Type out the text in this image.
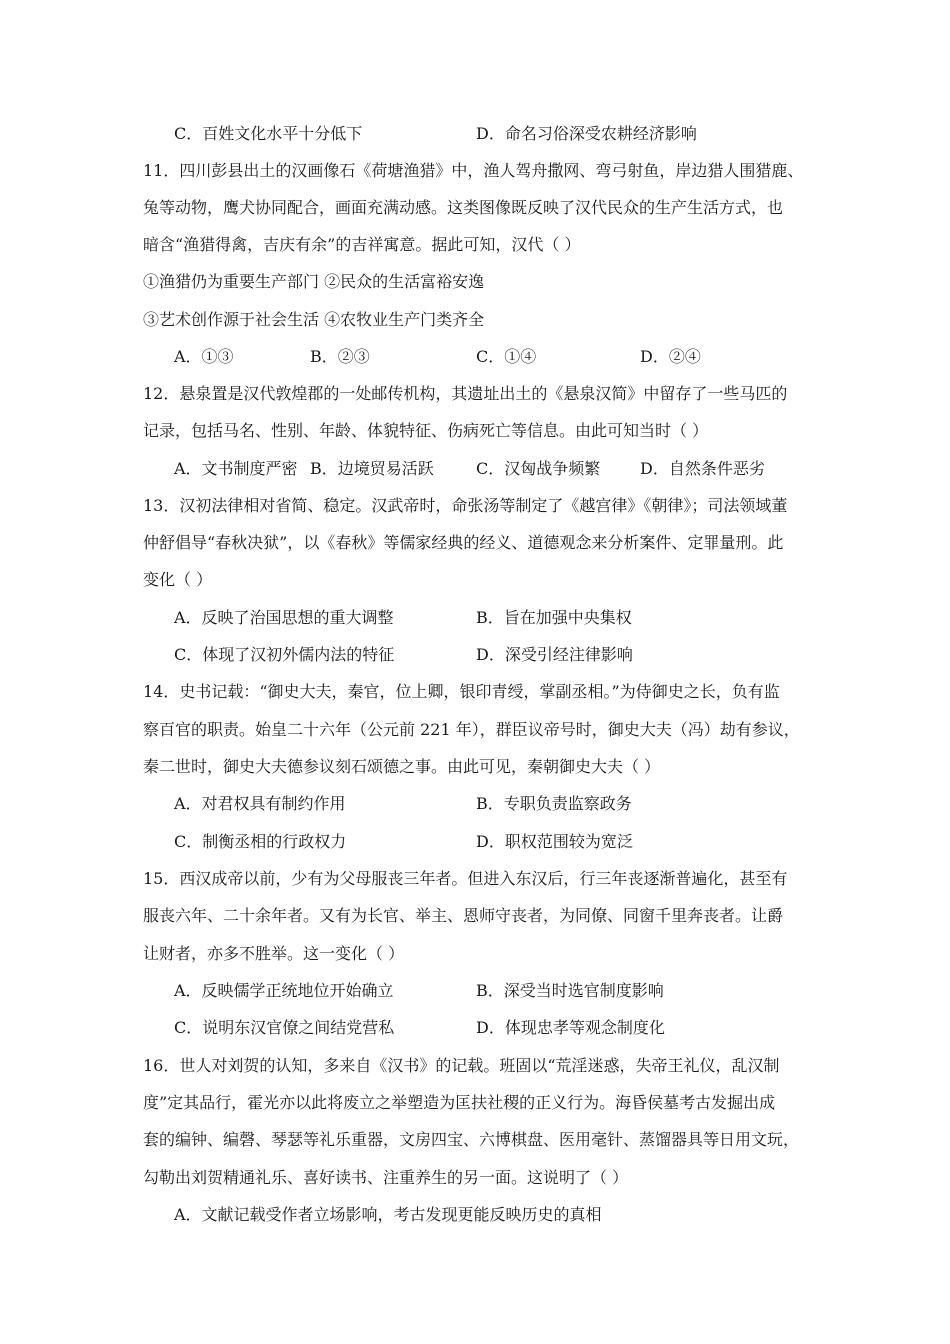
C．百姓文化水平十分低下	D．命名习俗深受农耕经济影响
11．四川彭县出土的汉画像石《荷塘渔猎》中，渔人驾舟撒网、弯弓射鱼，岸边猎人围猎鹿、
兔等动物，鹰犬协同配合，画面充满动感。这类图像既反映了汉代民众的生产生活方式，也
暗含“渔猎得禽，吉庆有余”的吉祥寓意。据此可知，汉代（ ）
①渔猎仍为重要生产部门 ②民众的生活富裕安逸
③艺术创作源于社会生活 ④农牧业生产门类齐全
A．①③	B．②③	C．①④	D．②④
12．悬泉置是汉代敦煌郡的一处邮传机构，其遗址出土的《悬泉汉简》中留存了一些马匹的
记录，包括马名、性别、年龄、体貌特征、伤病死亡等信息。由此可知当时（ ）
A．文书制度严密 B．边境贸易活跃	C．汉匈战争频繁 D．自然条件恶劣
13．汉初法律相对省简、稳定。汉武帝时，命张汤等制定了《越宫律》《朝律》；司法领域董
仲舒倡导“春秋决狱”，以《春秋》等儒家经典的经义、道德观念来分析案件、定罪量刑。此
变化（ ）
A．反映了治国思想的重大调整	B．旨在加强中央集权
C．体现了汉初外儒内法的特征	D．深受引经注律影响
14．史书记载：“御史大夫，秦官，位上卿，银印青绶，掌副丞相。”为侍御史之长，负有监
察百官的职责。始皇二十六年（公元前 221 年），群臣议帝号时，御史大夫（冯）劫有参议，
秦二世时，御史大夫德参议刻石颂德之事。由此可见，秦朝御史大夫（ ）
A．对君权具有制约作用	B．专职负责监察政务
C．制衡丞相的行政权力	D．职权范围较为宽泛
15．西汉成帝以前，少有为父母服丧三年者。但进入东汉后，行三年丧逐渐普遍化，甚至有
服丧六年、二十余年者。又有为长官、举主、恩师守丧者，为同僚、同窗千里奔丧者。让爵
让财者，亦多不胜举。这一变化（ ）
A．反映儒学正统地位开始确立	B．深受当时选官制度影响
C．说明东汉官僚之间结党营私	D．体现忠孝等观念制度化
16．世人对刘贺的认知，多来自《汉书》的记载。班固以“荒淫迷惑，失帝王礼仪，乱汉制
度”定其品行，霍光亦以此将废立之举塑造为匡扶社稷的正义行为。海昏侯墓考古发掘出成
套的编钟、编磬、琴瑟等礼乐重器，文房四宝、六博棋盘、医用毫针、蒸馏器具等日用文玩，
勾勒出刘贺精通礼乐、喜好读书、注重养生的另一面。这说明了（ ）
A．文献记载受作者立场影响，考古发现更能反映历史的真相
